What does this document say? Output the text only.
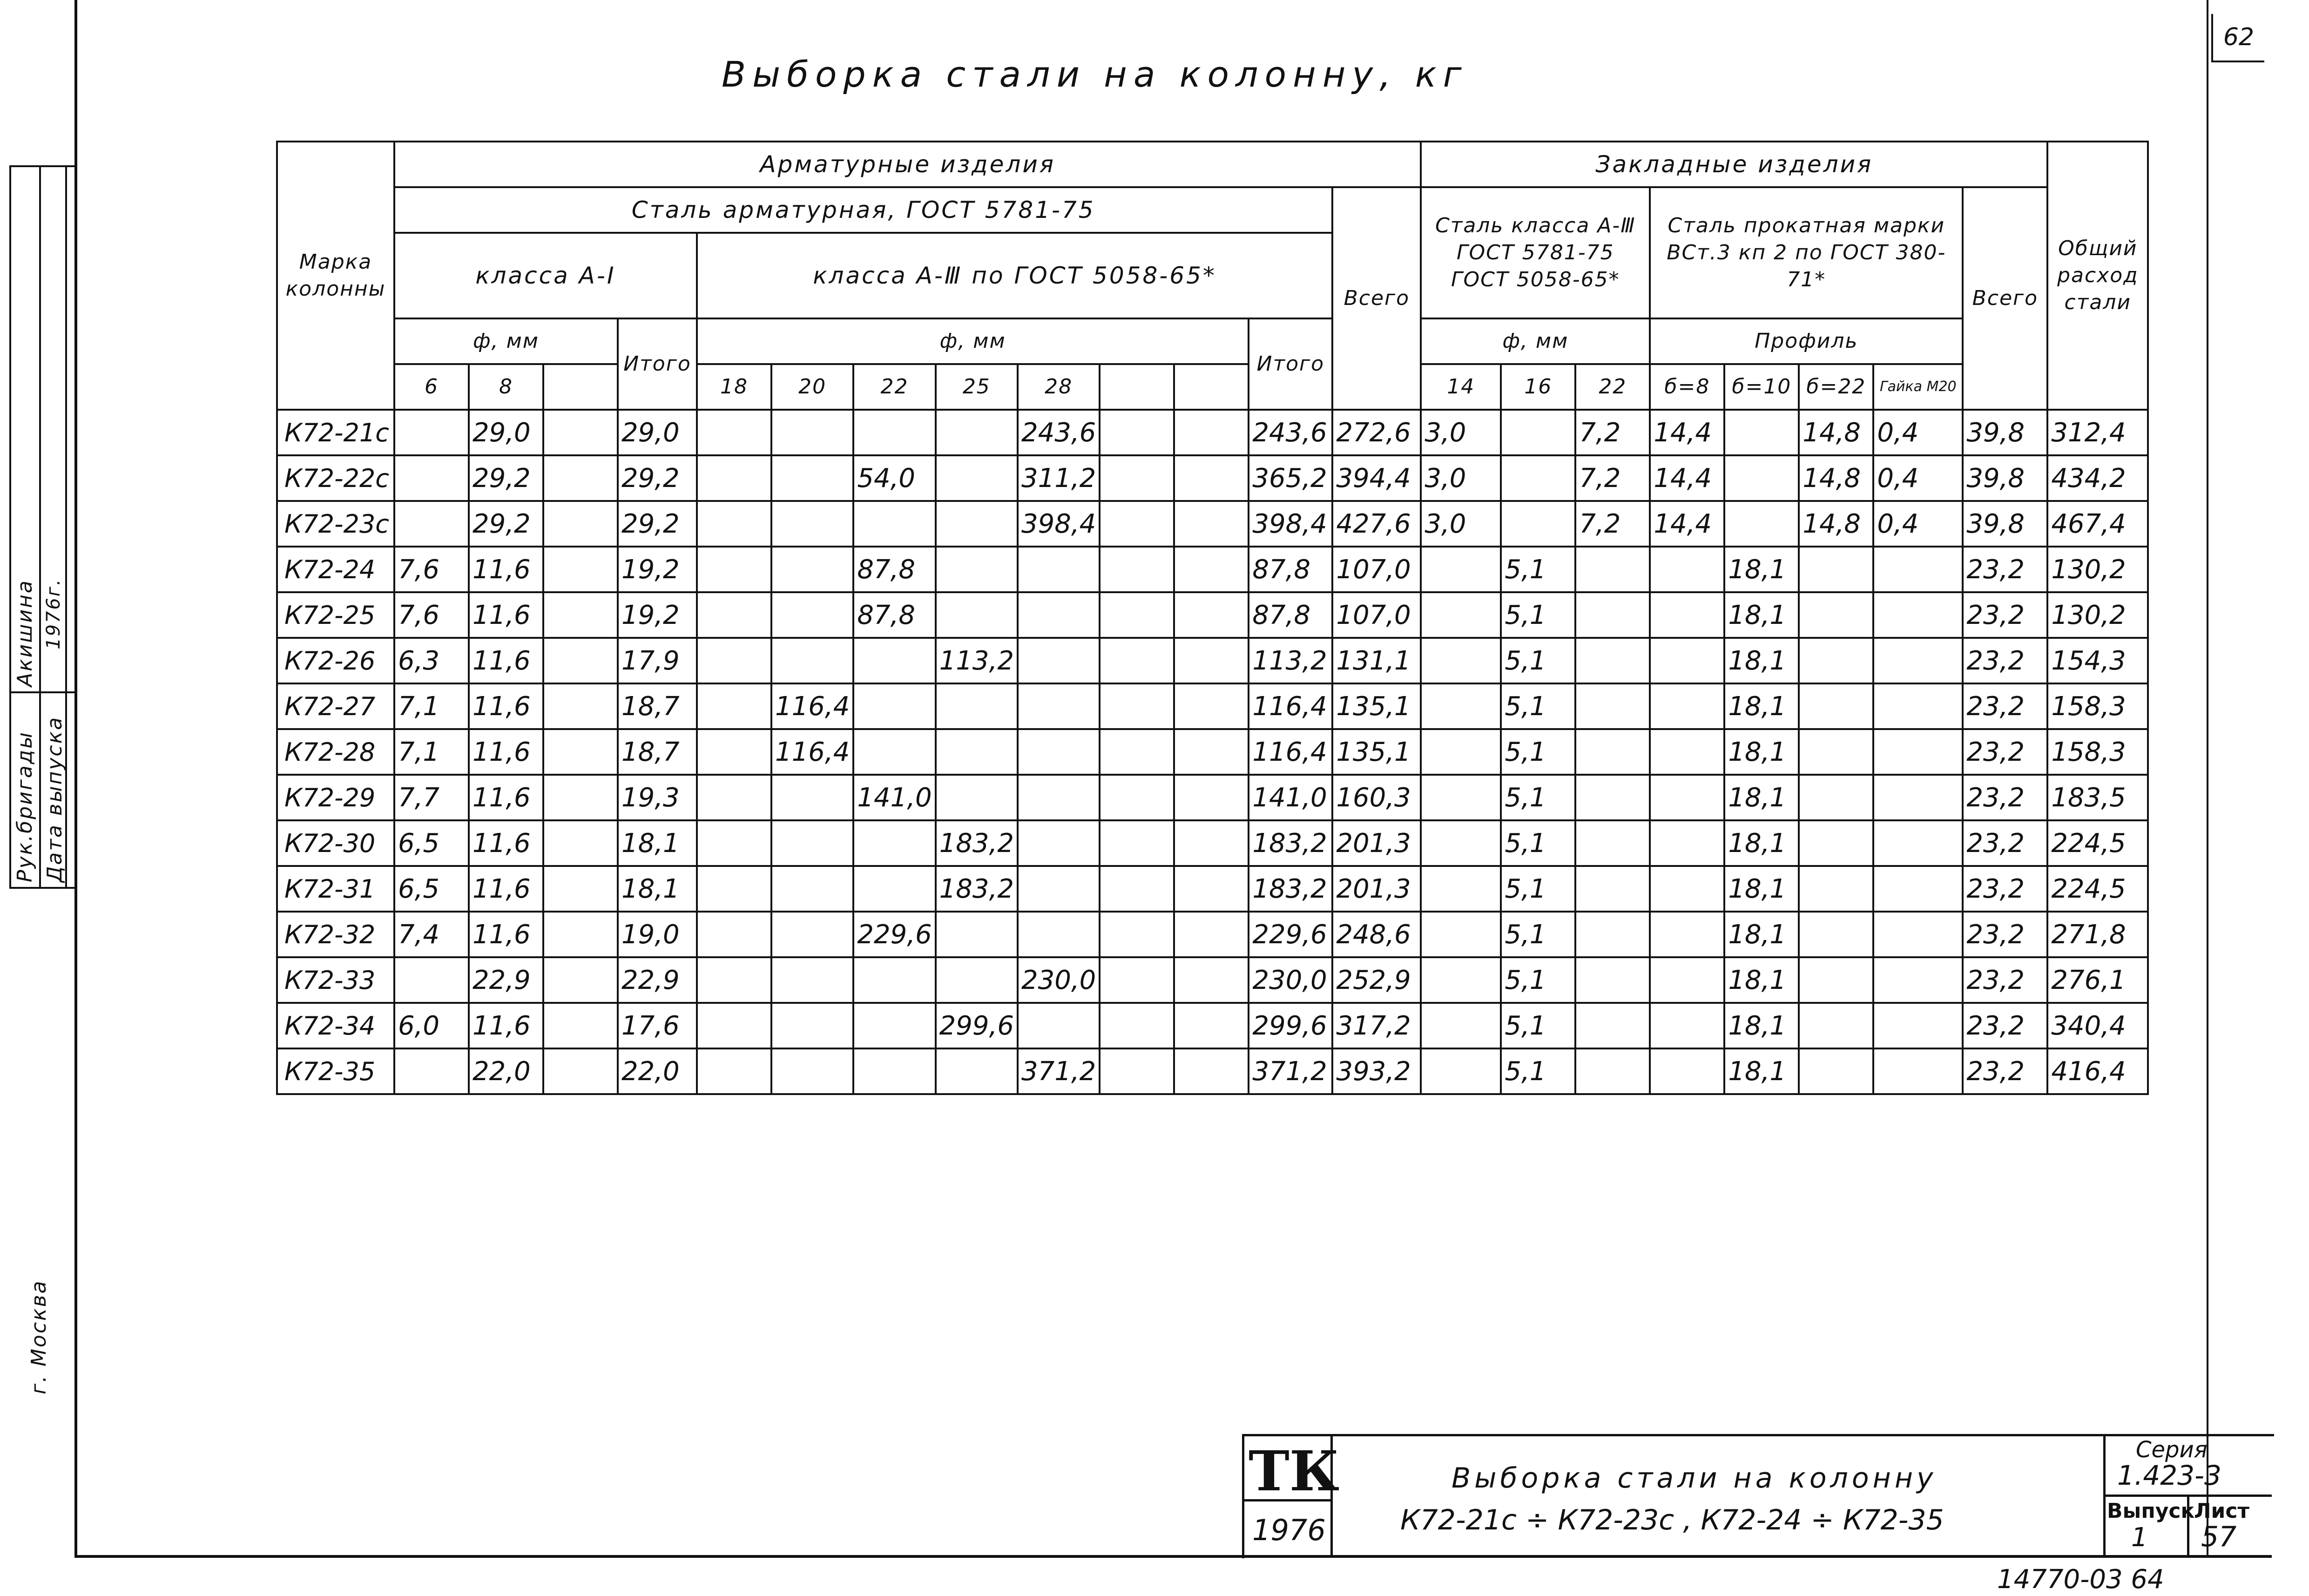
Рук.бригады Дата выпуска
Акишина 1976г.
г. Москва
62
Выборка стали на колонну, кг
Марка колонны	Арматурные изделия													Закладные изделия								Общий расход стали
	Сталь арматурная, ГОСТ 5781-75												Всего	Сталь класса А-Ⅲ ГОСТ 5781-75 ГОСТ 5058-65*			Сталь прокатная марки ВСт.3 кп 2 по ГОСТ 380-71*				Всего	
	класса А-I				класса А-Ⅲ по ГОСТ 5058-65*																	
	ф, мм			Итого	ф, мм							Итого		ф, мм			Профиль					
	6	8			18	20	22	25	28					14	16	22	б=8	б=10	б=22	Гайка М20		
К72-21с		29,0		29,0					243,6			243,6	272,6	3,0		7,2	14,4		14,8	0,4	39,8	312,4
К72-22с		29,2		29,2			54,0		311,2			365,2	394,4	3,0		7,2	14,4		14,8	0,4	39,8	434,2
К72-23с		29,2		29,2					398,4			398,4	427,6	3,0		7,2	14,4		14,8	0,4	39,8	467,4
К72-24	7,6	11,6		19,2			87,8					87,8	107,0		5,1			18,1			23,2	130,2
К72-25	7,6	11,6		19,2			87,8					87,8	107,0		5,1			18,1			23,2	130,2
К72-26	6,3	11,6		17,9				113,2				113,2	131,1		5,1			18,1			23,2	154,3
К72-27	7,1	11,6		18,7		116,4						116,4	135,1		5,1			18,1			23,2	158,3
К72-28	7,1	11,6		18,7		116,4						116,4	135,1		5,1			18,1			23,2	158,3
К72-29	7,7	11,6		19,3			141,0					141,0	160,3		5,1			18,1			23,2	183,5
К72-30	6,5	11,6		18,1				183,2				183,2	201,3		5,1			18,1			23,2	224,5
К72-31	6,5	11,6		18,1				183,2				183,2	201,3		5,1			18,1			23,2	224,5
К72-32	7,4	11,6		19,0			229,6					229,6	248,6		5,1			18,1			23,2	271,8
К72-33		22,9		22,9					230,0			230,0	252,9		5,1			18,1			23,2	276,1
К72-34	6,0	11,6		17,6				299,6				299,6	317,2		5,1			18,1			23,2	340,4
К72-35		22,0		22,0					371,2			371,2	393,2		5,1			18,1			23,2	416,4
ТК
1976
Выборка стали на колонну
К72-21с ÷ К72-23с , К72-24 ÷ К72-35
Серия
1.423-3
Выпуск
1
Лист
57
14770-03 64
